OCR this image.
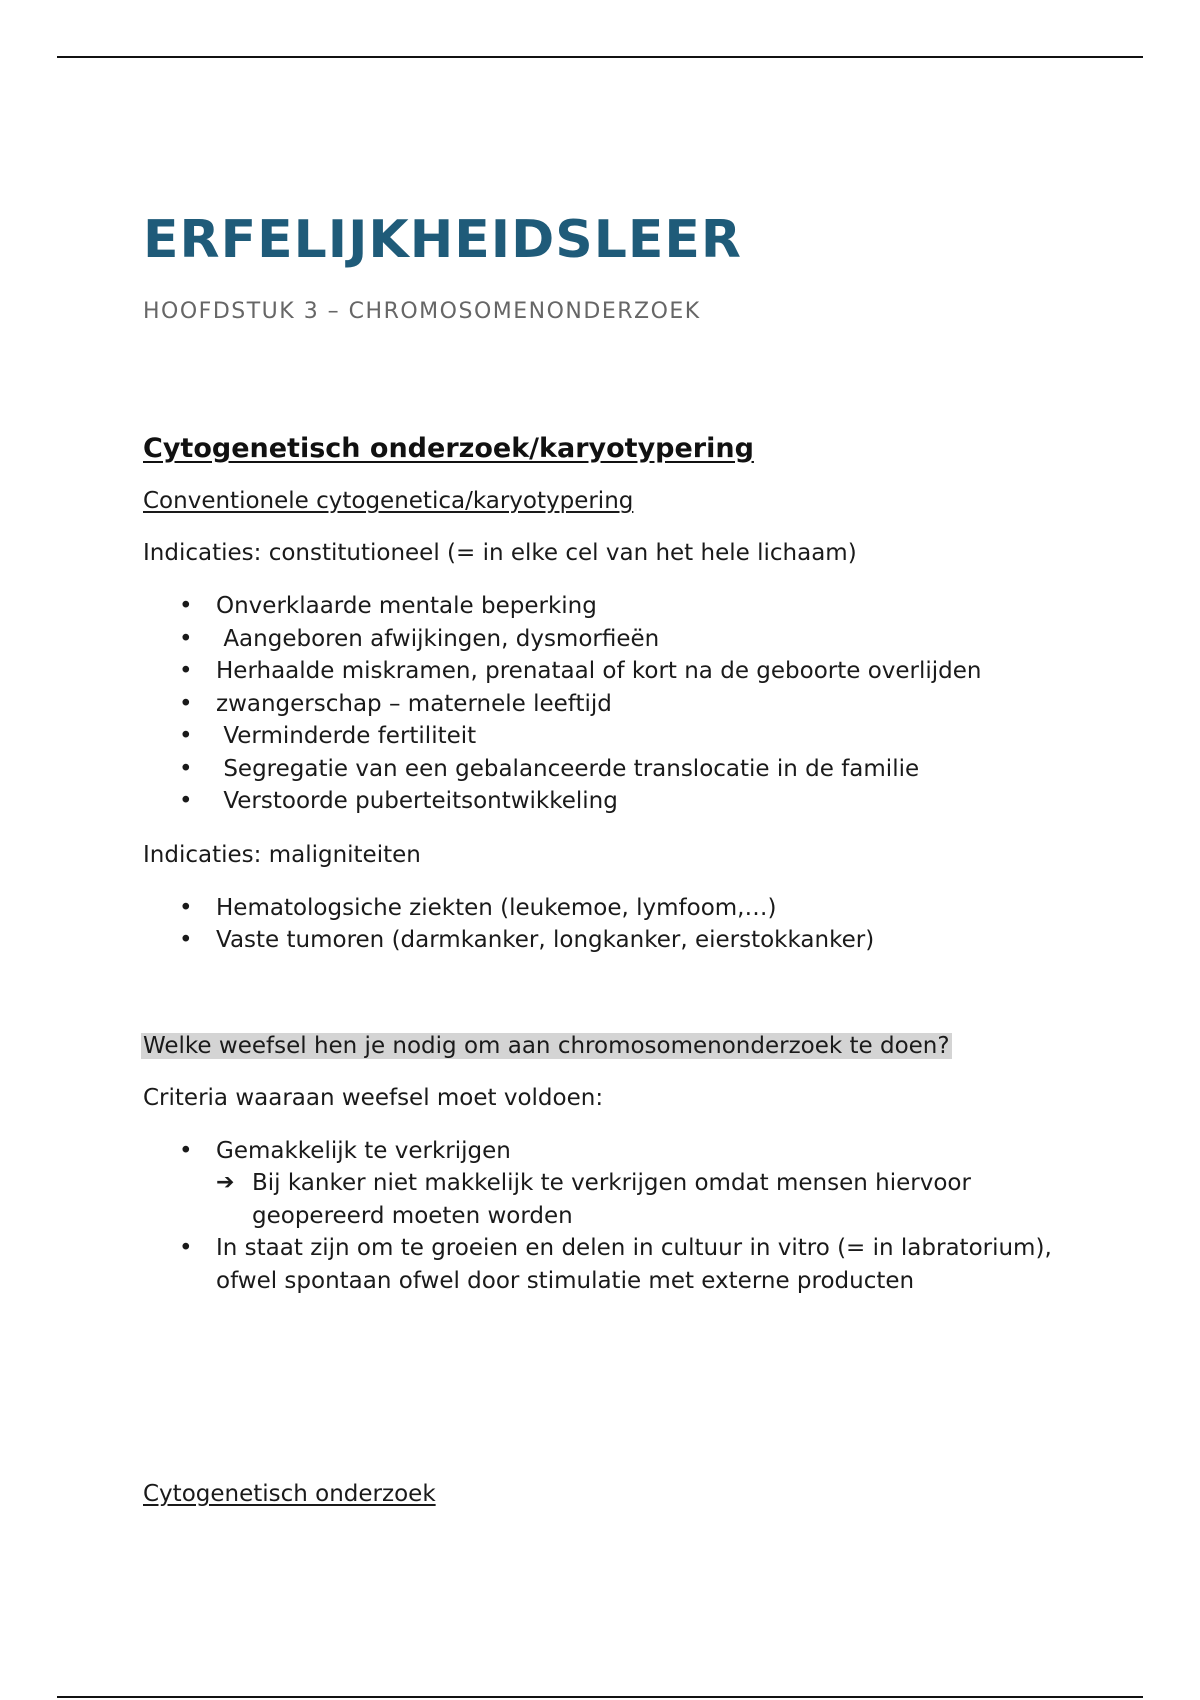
ERFELIJKHEIDSLEER
HOOFDSTUK 3 – CHROMOSOMENONDERZOEK
Cytogenetisch onderzoek/karyotypering
Conventionele cytogenetica/karyotypering
Indicaties: constitutioneel (= in elke cel van het hele lichaam)
• Onverklaarde mentale beperking
• Aangeboren afwijkingen, dysmorfieën
• Herhaalde miskramen, prenataal of kort na de geboorte overlijden
• zwangerschap – maternele leeftijd
• Verminderde fertiliteit
• Segregatie van een gebalanceerde translocatie in de familie
• Verstoorde puberteitsontwikkeling
Indicaties: maligniteiten
• Hematologsiche ziekten (leukemoe, lymfoom,…)
• Vaste tumoren (darmkanker, longkanker, eierstokkanker)
Welke weefsel hen je nodig om aan chromosomenonderzoek te doen?
Criteria waaraan weefsel moet voldoen:
• Gemakkelijk te verkrijgen
➔ Bij kanker niet makkelijk te verkrijgen omdat mensen hiervoor geopereerd moeten worden
• In staat zijn om te groeien en delen in cultuur in vitro (= in labratorium), ofwel spontaan ofwel door stimulatie met externe producten
Cytogenetisch onderzoek
